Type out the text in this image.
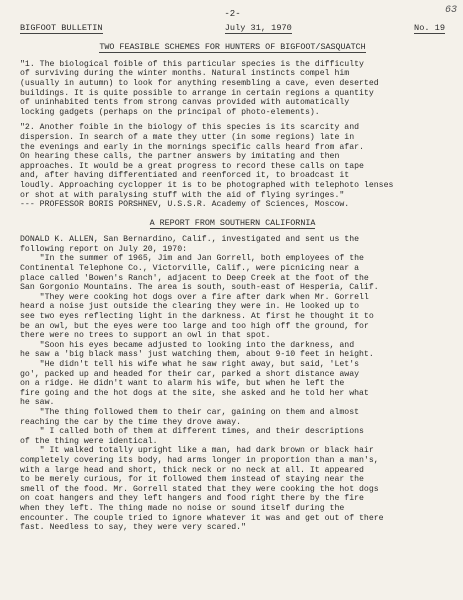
63
-2-
BIGFOOT BULLETIN	July 31, 1970	No. 19
TWO FEASIBLE SCHEMES FOR HUNTERS OF BIGFOOT/SASQUATCH

"1. The biological foible of this particular species is the difficulty
of surviving during the winter months. Natural instincts compel him
(usually in autumn) to look for anything resembling a cave, even deserted
buildings. It is quite possible to arrange in certain regions a quantity
of uninhabited tents from strong canvas provided with automatically
locking gadgets (perhaps on the principal of photo-elements).

"2. Another foible in the biology of this species is its scarcity and
dispersion. In search of a mate they utter (in some regions) late in
the evenings and early in the mornings specific calls heard from afar.
On hearing these calls, the partner answers by imitating and then
approaches. It would be a great progress to record these calls on tape
and, after having differentiated and reenforced it, to broadcast it
loudly. Approaching cyclopper it is to be photographed with telephoto lenses
or shot at with paralysing stuff with the aid of flying syringes."
--- PROFESSOR BORIS PORSHNEV, U.S.S.R. Academy of Sciences, Moscow.

A REPORT FROM SOUTHERN CALIFORNIA

DONALD K. ALLEN, San Bernardino, Calif., investigated and sent us the
following report on July 20, 1970:
"In the summer of 1965, Jim and Jan Gorrell, both employees of the
Continental Telephone Co., Victorville, Calif., were picnicing near a
place called 'Bowen's Ranch', adjacent to Deep Creek at the foot of the
San Gorgonio Mountains. The area is south, south-east of Hesperia, Calif.
"They were cooking hot dogs over a fire after dark when Mr. Gorrell
heard a noise just outside the clearing they were in. He looked up to
see two eyes reflecting light in the darkness. At first he thought it to
be an owl, but the eyes were too large and too high off the ground, for
there were no trees to support an owl in that spot.
"Soon his eyes became adjusted to looking into the darkness, and
he saw a 'big black mass' just watching them, about 9-10 feet in height.
"He didn't tell his wife what he saw right away, but said, 'Let's
go', packed up and headed for their car, parked a short distance away
on a ridge. He didn't want to alarm his wife, but when he left the
fire going and the hot dogs at the site, she asked and he told her what
he saw.
"The thing followed them to their car, gaining on them and almost
reaching the car by the time they drove away.
" I called both of them at different times, and their descriptions
of the thing were identical.
" It walked totally upright like a man, had dark brown or black hair
completely covering its body, had arms longer in proportion than a man's,
with a large head and short, thick neck or no neck at all. It appeared
to be merely curious, for it followed them instead of staying near the
smell of the food. Mr. Gorrell stated that they were cooking the hot dogs
on coat hangers and they left hangers and food right there by the fire
when they left. The thing made no noise or sound itself during the
encounter. The couple tried to ignore whatever it was and get out of there
fast. Needless to say, they were very scared."
